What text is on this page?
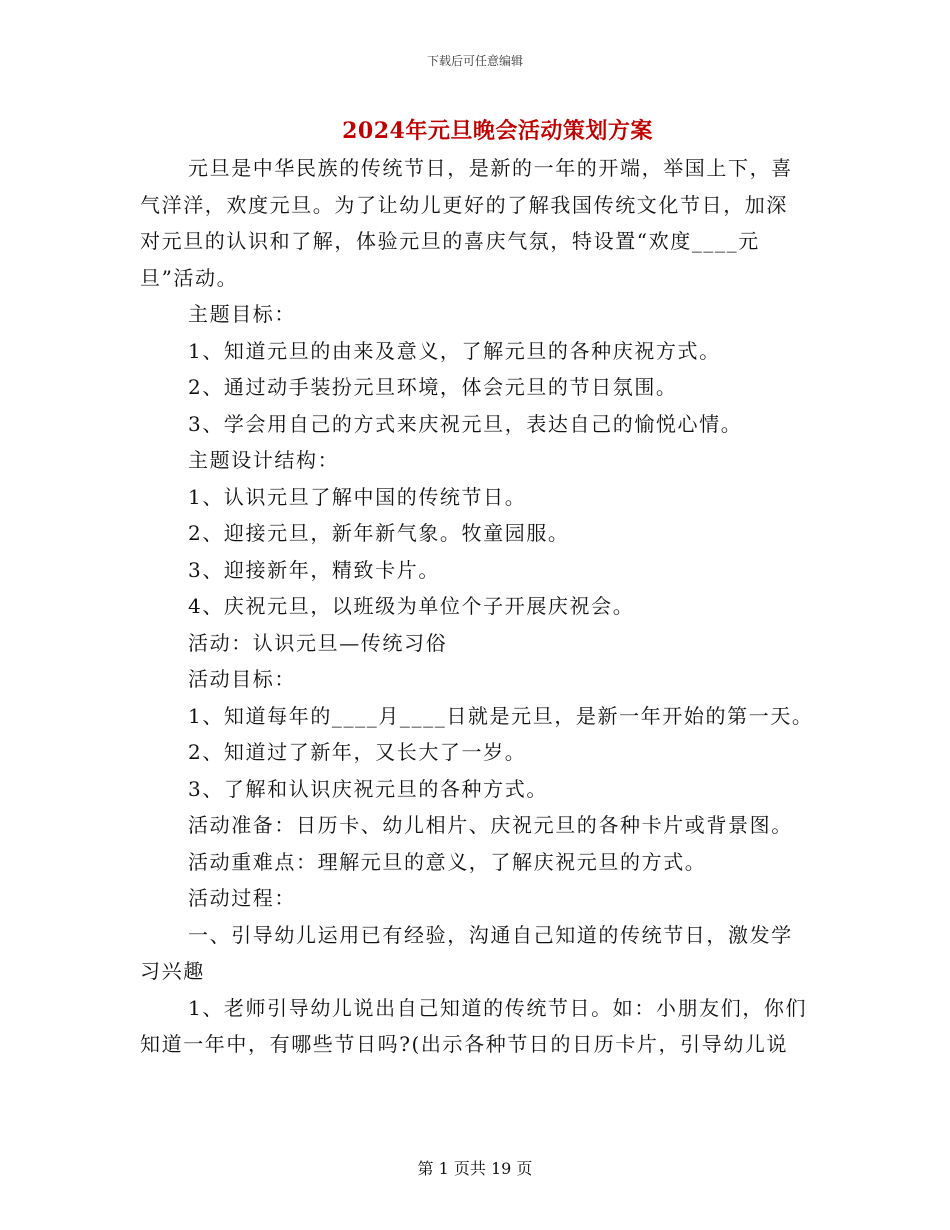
下载后可任意编辑
2024年元旦晚会活动策划方案

元旦是中华民族的传统节日，是新的一年的开端，举国上下，喜

气洋洋，欢度元旦。为了让幼儿更好的了解我国传统文化节日，加深

对元旦的认识和了解，体验元旦的喜庆气氛，特设置“欢度____元

旦”活动。

主题目标：

1、知道元旦的由来及意义，了解元旦的各种庆祝方式。

2、通过动手装扮元旦环境，体会元旦的节日氛围。

3、学会用自己的方式来庆祝元旦，表达自己的愉悦心情。

主题设计结构：

1、认识元旦了解中国的传统节日。

2、迎接元旦，新年新气象。牧童园服。

3、迎接新年，精致卡片。

4、庆祝元旦，以班级为单位个子开展庆祝会。

活动：认识元旦—传统习俗

活动目标：

1、知道每年的____月____日就是元旦，是新一年开始的第一天。

2、知道过了新年，又长大了一岁。

3、了解和认识庆祝元旦的各种方式。

活动准备：日历卡、幼儿相片、庆祝元旦的各种卡片或背景图。

活动重难点：理解元旦的意义，了解庆祝元旦的方式。

活动过程：

一、引导幼儿运用已有经验，沟通自己知道的传统节日，激发学

习兴趣

1、老师引导幼儿说出自己知道的传统节日。如：小朋友们，你们

知道一年中，有哪些节日吗?(出示各种节日的日历卡片，引导幼儿说

第 1 页共 19 页
